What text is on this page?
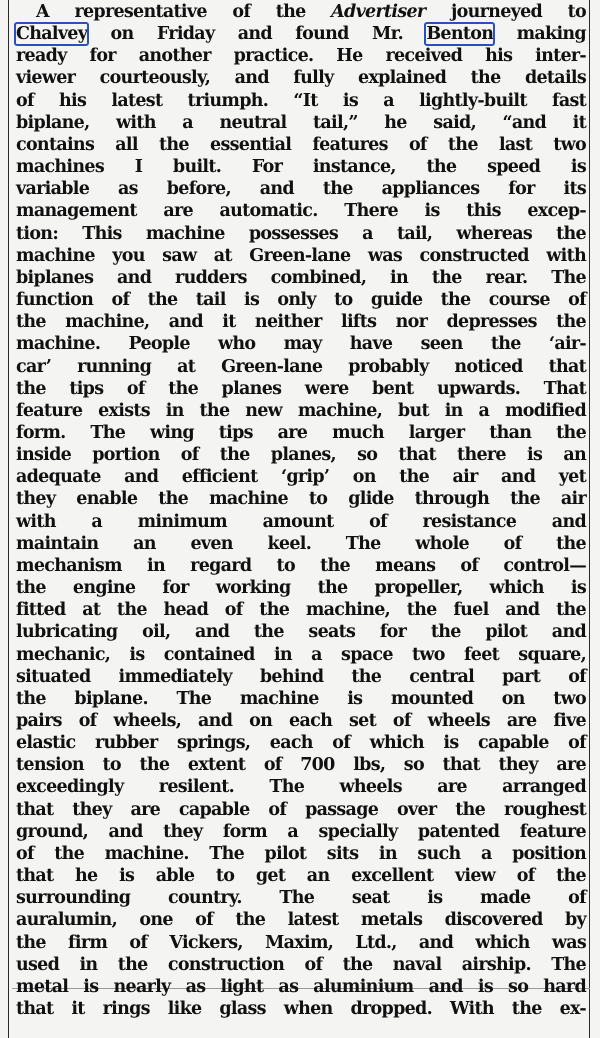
A representative of the Advertiser journeyed to
Chalvey on Friday and found Mr. Benton making
ready for another practice. He received his inter-
viewer courteously, and fully explained the details
of his latest triumph. “It is a lightly-built fast
biplane, with a neutral tail,” he said, “and it
contains all the essential features of the last two
machines I built. For instance, the speed is
variable as before, and the appliances for its
management are automatic. There is this excep-
tion: This machine possesses a tail, whereas the
machine you saw at Green-lane was constructed with
biplanes and rudders combined, in the rear. The
function of the tail is only to guide the course of
the machine, and it neither lifts nor depresses the
machine. People who may have seen the ‘air-
car’ running at Green-lane probably noticed that
the tips of the planes were bent upwards. That
feature exists in the new machine, but in a modified
form. The wing tips are much larger than the
inside portion of the planes, so that there is an
adequate and efficient ‘grip’ on the air and yet
they enable the machine to glide through the air
with a minimum amount of resistance and
maintain an even keel. The whole of the
mechanism in regard to the means of control—
the engine for working the propeller, which is
fitted at the head of the machine, the fuel and the
lubricating oil, and the seats for the pilot and
mechanic, is contained in a space two feet square,
situated immediately behind the central part of
the biplane. The machine is mounted on two
pairs of wheels, and on each set of wheels are five
elastic rubber springs, each of which is capable of
tension to the extent of 700 lbs, so that they are
exceedingly resilent. The wheels are arranged
that they are capable of passage over the roughest
ground, and they form a specially patented feature
of the machine. The pilot sits in such a position
that he is able to get an excellent view of the
surrounding country. The seat is made of
auralumin, one of the latest metals discovered by
the firm of Vickers, Maxim, Ltd., and which was
used in the construction of the naval airship. The
metal is nearly as light as aluminium and is so hard
that it rings like glass when dropped. With the ex-
